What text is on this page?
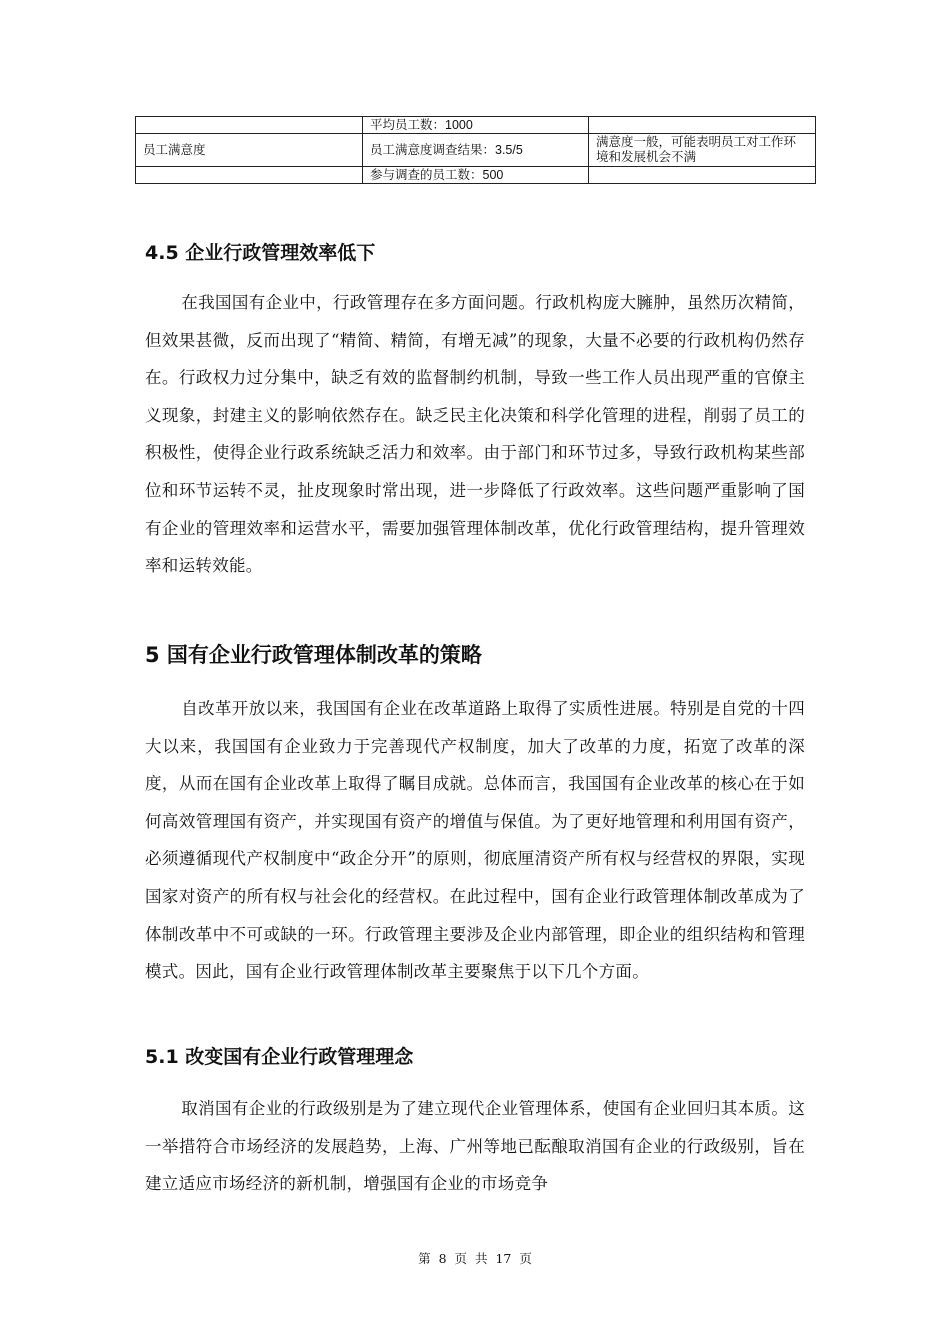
	平均员工数：1000	
员工满意度	员工满意度调查结果：3.5/5	满意度一般，可能表明员工对工作环境和发展机会不满
	参与调查的员工数：500	
4.5 企业行政管理效率低下

在我国国有企业中，行政管理存在多方面问题。行政机构庞大臃肿，虽然历次精简，但效果甚微，反而出现了“精简、精简，有增无减”的现象，大量不必要的行政机构仍然存在。行政权力过分集中，缺乏有效的监督制约机制，导致一些工作人员出现严重的官僚主义现象，封建主义的影响依然存在。缺乏民主化决策和科学化管理的进程，削弱了员工的积极性，使得企业行政系统缺乏活力和效率。由于部门和环节过多，导致行政机构某些部位和环节运转不灵，扯皮现象时常出现，进一步降低了行政效率。这些问题严重影响了国有企业的管理效率和运营水平，需要加强管理体制改革，优化行政管理结构，提升管理效率和运转效能。

5 国有企业行政管理体制改革的策略

自改革开放以来，我国国有企业在改革道路上取得了实质性进展。特别是自党的十四大以来，我国国有企业致力于完善现代产权制度，加大了改革的力度，拓宽了改革的深度，从而在国有企业改革上取得了瞩目成就。总体而言，我国国有企业改革的核心在于如何高效管理国有资产，并实现国有资产的增值与保值。为了更好地管理和利用国有资产，必须遵循现代产权制度中“政企分开”的原则，彻底厘清资产所有权与经营权的界限，实现国家对资产的所有权与社会化的经营权。在此过程中，国有企业行政管理体制改革成为了体制改革中不可或缺的一环。行政管理主要涉及企业内部管理，即企业的组织结构和管理模式。因此，国有企业行政管理体制改革主要聚焦于以下几个方面。

5.1 改变国有企业行政管理理念

取消国有企业的行政级别是为了建立现代企业管理体系，使国有企业回归其本质。这一举措符合市场经济的发展趋势，上海、广州等地已酝酿取消国有企业的行政级别，旨在建立适应市场经济的新机制，增强国有企业的市场竞争

第 8 页 共 17 页
